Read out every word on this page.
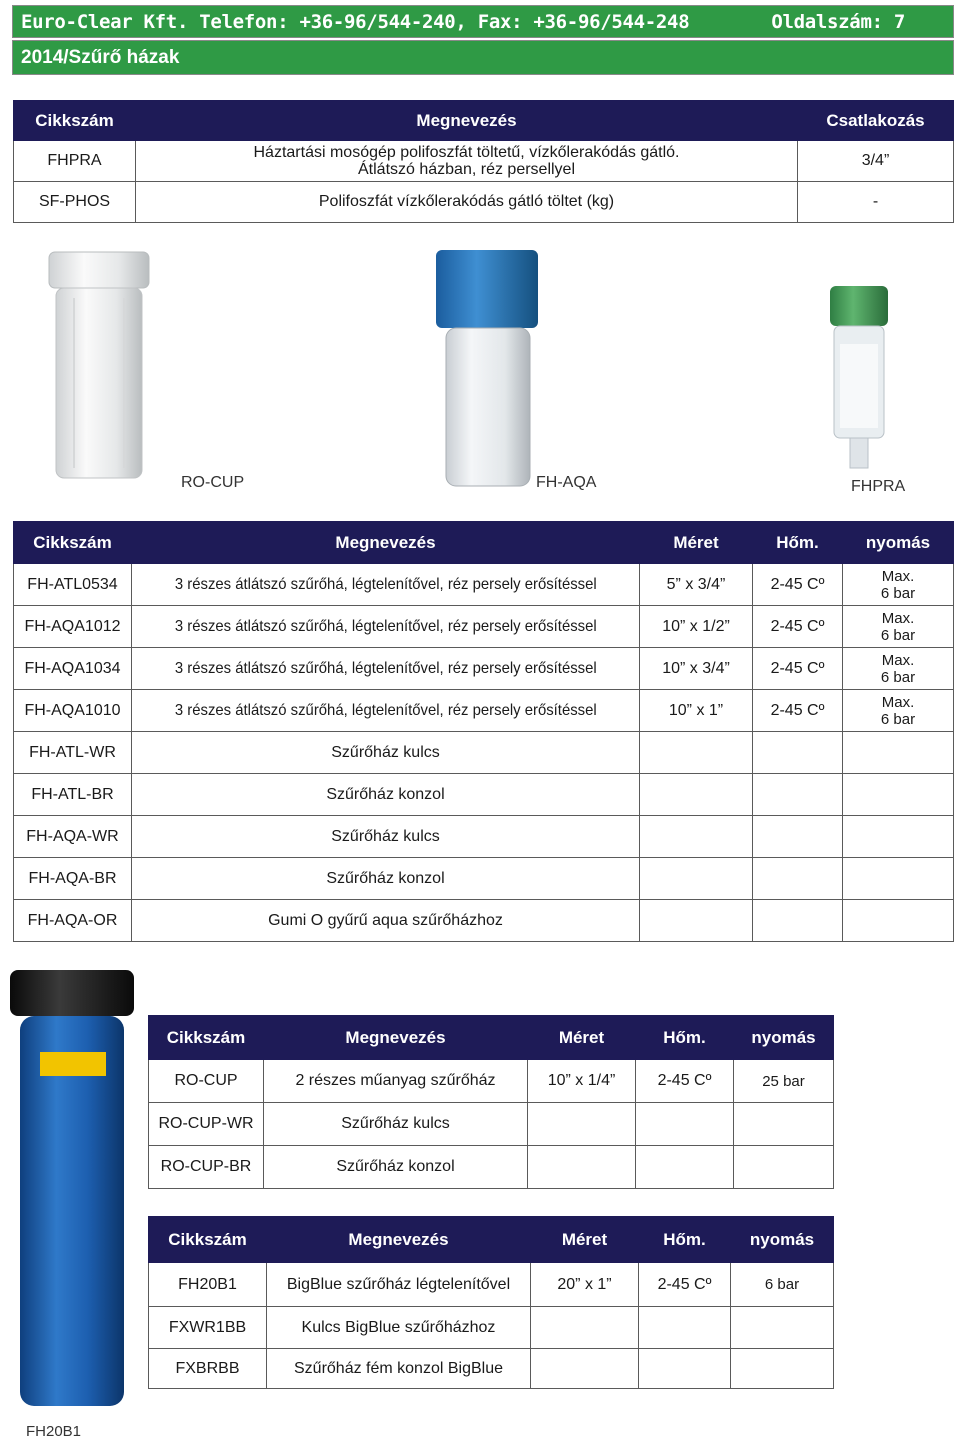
Euro-Clear Kft. Telefon: +36-96/544-240, Fax: +36-96/544-248	Oldalszám: 7
2014/Szűrő házak
Cikkszám	Megnevezés	Csatlakozás
FHPRA	Háztartási mosógép polifoszfát töltetű, vízkőlerakódás gátló.
Átlátszó házban, réz persellyel	3/4”
SF-PHOS	Polifoszfát vízkőlerakódás gátló töltet (kg)	-
RO-CUP	FH-AQA	FHPRA
Cikkszám	Megnevezés	Méret	Hőm.	nyomás
FH-ATL0534	3 részes átlátszó szűrőhá, légtelenítővel, réz persely erősítéssel	5” x 3/4”	2-45 Cº	Max.
6 bar

FH-AQA1012	3 részes átlátszó szűrőhá, légtelenítővel, réz persely erősítéssel	10” x 1/2”	2-45 Cº	Max.
6 bar

FH-AQA1034	3 részes átlátszó szűrőhá, légtelenítővel, réz persely erősítéssel	10” x 3/4”	2-45 Cº	Max.
6 bar

FH-AQA1010	3 részes átlátszó szűrőhá, légtelenítővel, réz persely erősítéssel	10” x 1”	2-45 Cº	Max.
6 bar

FH-ATL-WR	Szűrőház kulcs			
FH-ATL-BR	Szűrőház konzol			
FH-AQA-WR	Szűrőház kulcs			
FH-AQA-BR	Szűrőház konzol			
FH-AQA-OR	Gumi O gyűrű aqua szűrőházhoz			
Cikkszám	Megnevezés	Méret	Hőm.	nyomás
RO-CUP	2 részes műanyag szűrőház	10” x 1/4”	2-45 Cº	25 bar
RO-CUP-WR	Szűrőház kulcs			
RO-CUP-BR	Szűrőház konzol			
Cikkszám	Megnevezés	Méret	Hőm.	nyomás
FH20B1	BigBlue szűrőház légtelenítővel	20” x 1”	2-45 Cº	6 bar
FXWR1BB	Kulcs BigBlue szűrőházhoz			
FXBRBB	Szűrőház fém konzol BigBlue			
FH20B1
